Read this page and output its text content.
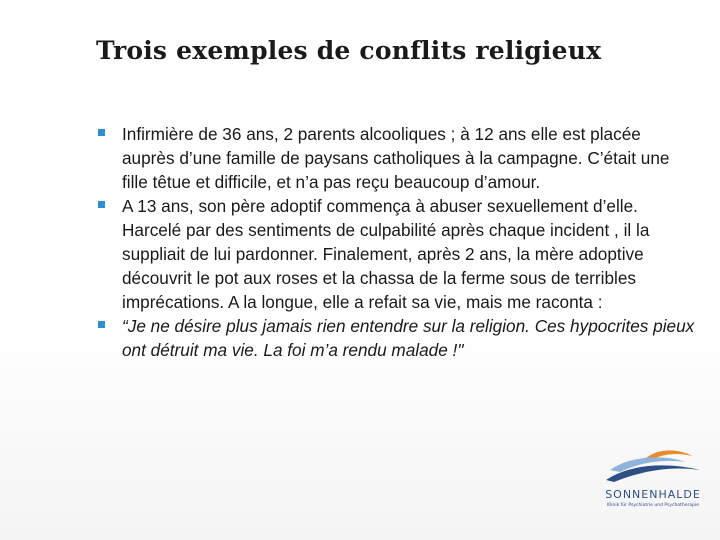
Trois exemples de conflits religieux
Infirmière de 36 ans, 2 parents alcooliques ; à 12 ans elle est placée auprès d’une famille de paysans catholiques à la campagne. C’était une fille têtue et difficile, et n’a pas reçu beaucoup d’amour.
A 13 ans, son père adoptif commença à abuser sexuellement d’elle. Harcelé par des sentiments de culpabilité après chaque incident , il la suppliait de lui pardonner. Finalement, après 2 ans, la mère adoptive découvrit le pot aux roses et la chassa de la ferme sous de terribles imprécations. A la longue, elle a refait sa vie, mais me raconta :
“Je ne désire plus jamais rien entendre sur la religion. Ces hypocrites pieux ont détruit ma vie. La foi m’a rendu malade !"
SONNENHALDE
Klinik für Psychiatrie und Psychotherapie
